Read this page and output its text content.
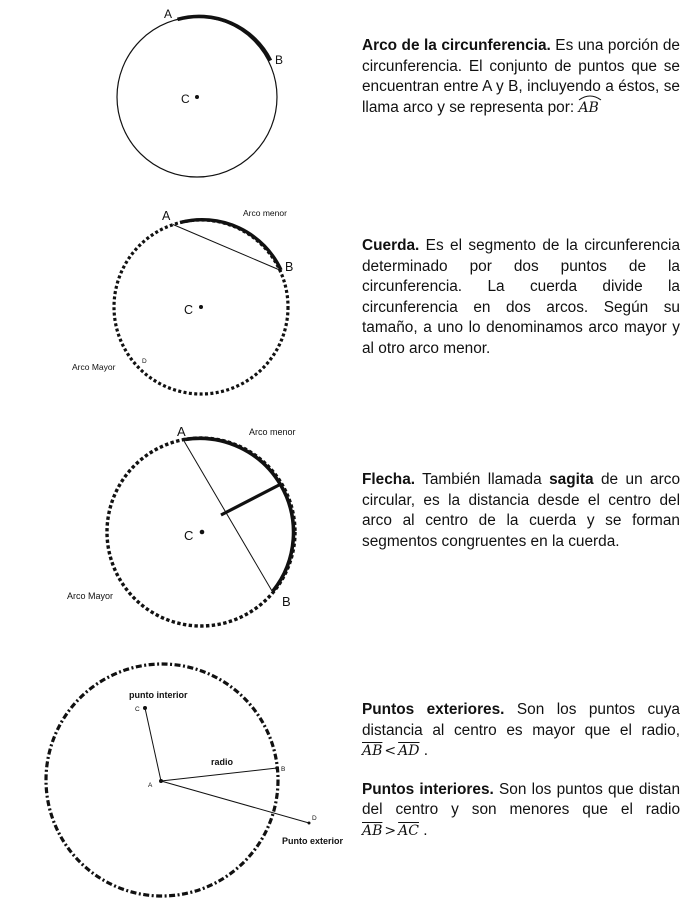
A
B
C

Arco de la circunferencia. Es una porción de circunferencia. El conjunto de puntos que se encuentran entre A y B, incluyendo a éstos, se llama arco y se representa por:
AB

A
B
C
D
Arco menor
Arco Mayor

Cuerda. Es el segmento de la circunferencia determinado por dos puntos de la circunferencia. La cuerda divide la circunferencia en dos arcos. Según su tamaño, a uno lo denominamos arco mayor y al otro arco menor.

A
B
C
Arco menor
Arco Mayor

Flecha. También llamada sagita de un arco circular, es la distancia desde el centro del arco al centro de la cuerda y se forman segmentos congruentes en la cuerda.

punto interior
C
A
B
D
radio
Punto exterior

Puntos exteriores. Son los puntos cuya distancia al centro es mayor que el radio, $\overline{AB} < \overline{AD}$ .

Puntos interiores. Son los puntos que distan del centro y son menores que el radio $\overline{AB} > \overline{AC}$ .
